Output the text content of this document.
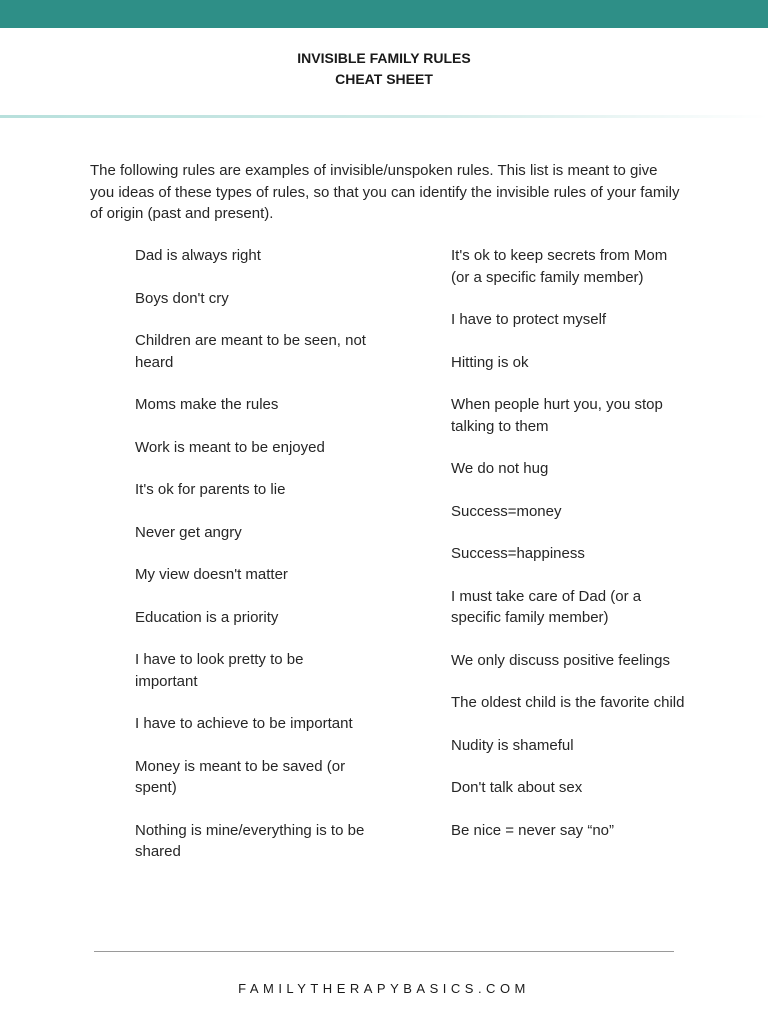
INVISIBLE FAMILY RULES
CHEAT SHEET

The following rules are examples of invisible/unspoken rules. This list is meant to give you ideas of these types of rules, so that you can identify the invisible rules of your family of origin (past and present).

Dad is always right
Boys don't cry
Children are meant to be seen, not heard
Moms make the rules
Work is meant to be enjoyed
It's ok for parents to lie
Never get angry
My view doesn't matter
Education is a priority
I have to look pretty to be important
I have to achieve to be important
Money is meant to be saved (or spent)
Nothing is mine/everything is to be shared
It's ok to keep secrets from Mom (or a specific family member)
I have to protect myself
Hitting is ok
When people hurt you, you stop talking to them
We do not hug
Success=money
Success=happiness
I must take care of Dad (or a specific family member)
We only discuss positive feelings
The oldest child is the favorite child
Nudity is shameful
Don't talk about sex
Be nice = never say “no”
FAMILYTHERAPYBASICS.COM
